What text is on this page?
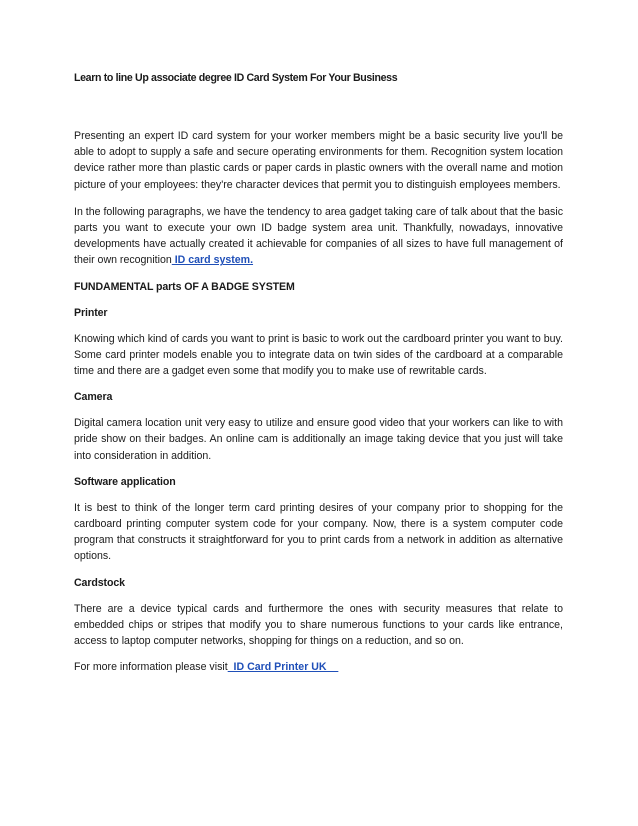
Learn to line Up associate degree ID Card System For Your Business

Presenting an expert ID card system for your worker members might be a basic security live you'll be able to adopt to supply a safe and secure operating environments for them. Recognition system location device rather more than plastic cards or paper cards in plastic owners with the overall name and motion picture of your employees: they're character devices that permit you to distinguish employees members.

In the following paragraphs, we have the tendency to area gadget taking care of talk about that the basic parts you want to execute your own ID badge system area unit. Thankfully, nowadays, innovative developments have actually created it achievable for companies of all sizes to have full management of their own recognition ID card system.

FUNDAMENTAL parts OF A BADGE SYSTEM
Printer

Knowing which kind of cards you want to print is basic to work out the cardboard printer you want to buy. Some card printer models enable you to integrate data on twin sides of the cardboard at a comparable time and there are a gadget even some that modify you to make use of rewritable cards.

Camera

Digital camera location unit very easy to utilize and ensure good video that your workers can like to with pride show on their badges. An online cam is additionally an image taking device that you just will take into consideration in addition.

Software application

It is best to think of the longer term card printing desires of your company prior to shopping for the cardboard printing computer system code for your company. Now, there is a system computer code program that constructs it straightforward for you to print cards from a network in addition as alternative options.

Cardstock

There are a device typical cards and furthermore the ones with security measures that relate to embedded chips or stripes that modify you to share numerous functions to your cards like entrance, access to laptop computer networks, shopping for things on a reduction, and so on.

For more information please visit  ID Card Printer UK
